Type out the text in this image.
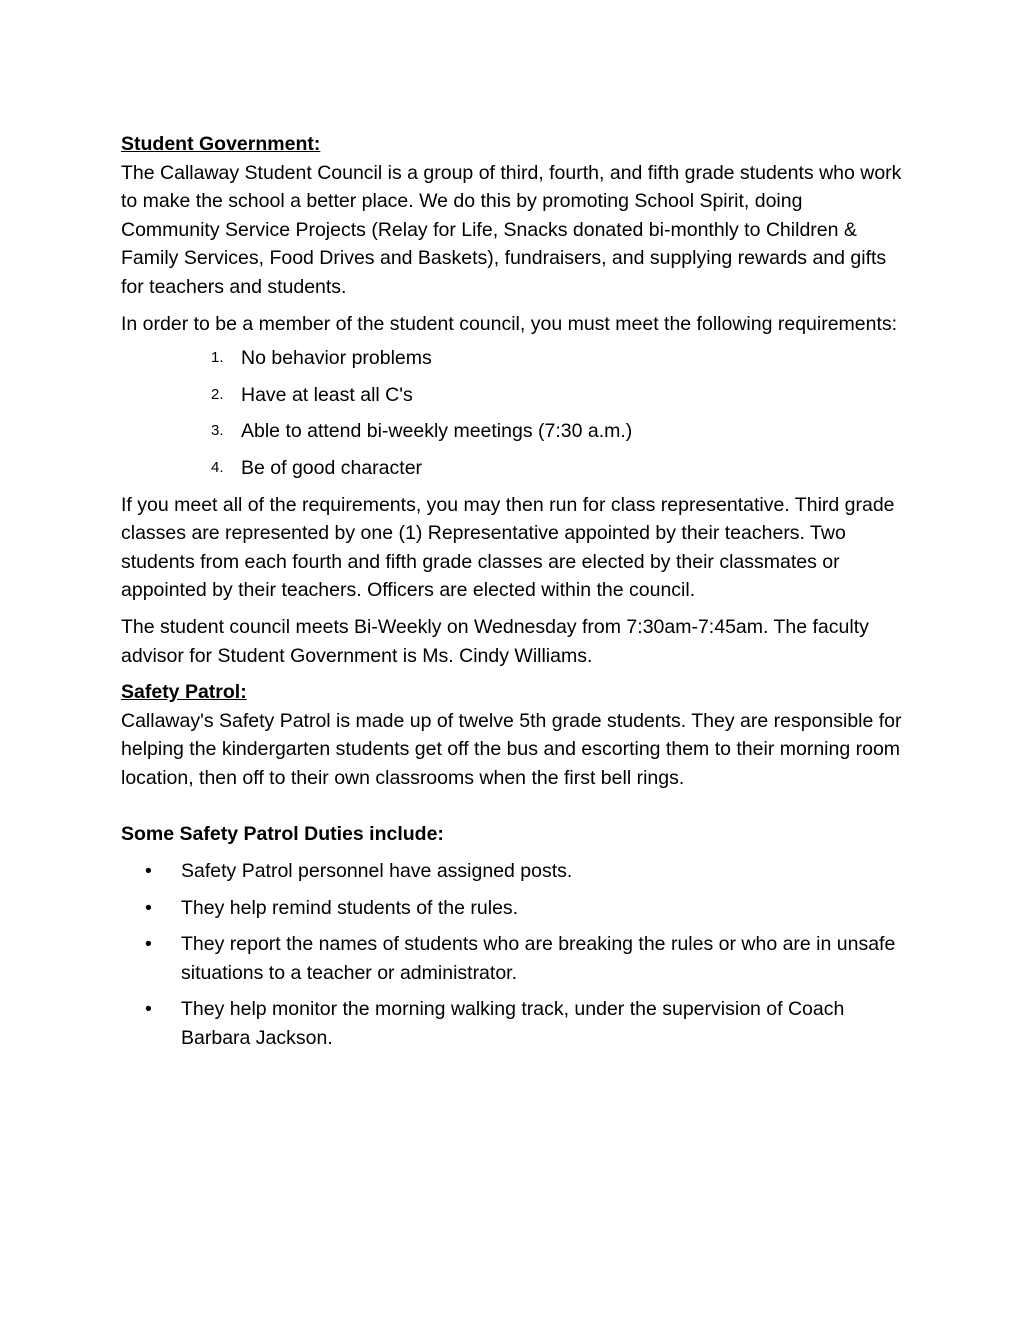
Student Government:

The Callaway Student Council is a group of third, fourth, and fifth grade students who work to make the school a better place. We do this by promoting School Spirit, doing Community Service Projects (Relay for Life, Snacks donated bi-monthly to Children & Family Services, Food Drives and Baskets), fundraisers, and supplying rewards and gifts for teachers and students.

In order to be a member of the student council, you must meet the following requirements:

1. No behavior problems
2. Have at least all C's
3. Able to attend bi-weekly meetings (7:30 a.m.)
4. Be of good character

If you meet all of the requirements, you may then run for class representative. Third grade classes are represented by one (1) Representative appointed by their teachers. Two students from each fourth and fifth grade classes are elected by their classmates or appointed by their teachers. Officers are elected within the council.

The student council meets Bi-Weekly on Wednesday from 7:30am-7:45am. The faculty advisor for Student Government is Ms. Cindy Williams.

Safety Patrol:

Callaway's Safety Patrol is made up of twelve 5th grade students. They are responsible for helping the kindergarten students get off the bus and escorting them to their morning room location, then off to their own classrooms when the first bell rings.

Some Safety Patrol Duties include:

• Safety Patrol personnel have assigned posts.
• They help remind students of the rules.
• They report the names of students who are breaking the rules or who are in unsafe situations to a teacher or administrator.
• They help monitor the morning walking track, under the supervision of Coach Barbara Jackson.
